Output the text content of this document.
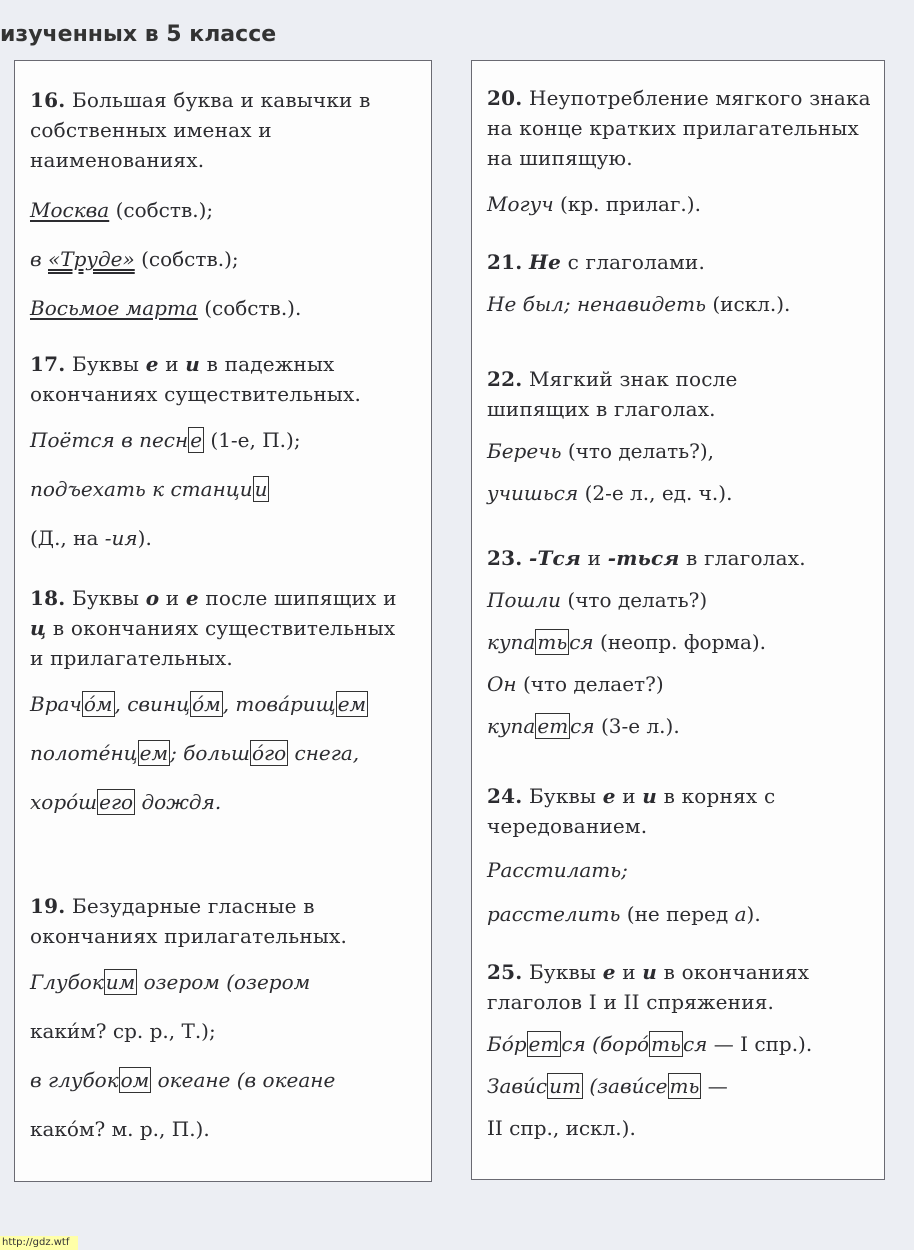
изученных в 5 классе
16. Большая буква и кавычки в собственных именах и наименованиях.
Москва (собств.);
в «Труде» (собств.);
Восьмое марта (собств.).
17. Буквы е и и в падежных окончаниях существительных.
Поётся в песн е (1-е, П.);
подъехать к станци и
(Д., на -ия).
18. Буквы о и е после шипящих и ц в окончаниях существительных и прилагательных.
Врач о́м , свинц о́м , това́рищ ем
полоте́нц ем ; больш о́го снега,
хоро́ш его дождя.
19. Безударные гласные в окончаниях прилагательных.
Глубок им озером (озером
каки́м? ср. р., Т.);
в глубок ом океане (в океане
како́м? м. р., П.).
20. Неупотребление мягкого знака на конце кратких прилагательных на шипящую.
Могуч (кр. прилаг.).
21. Не с глаголами.
Не был; ненавидеть (искл.).
22. Мягкий знак после шипящих в глаголах.
Беречь (что делать?),
учишься (2-е л., ед. ч.).
23. -Тся и -ться в глаголах.
Пошли (что делать?)
купа ть ся (неопр. форма).
Он (что делает?)
купа ет ся (3-е л.).
24. Буквы е и и в корнях с чередованием.
Расстилать;
расстелить (не перед а).
25. Буквы е и и в окончаниях глаголов I и II спряжения.
Бо́р ет ся (боро́ ть ся — I спр.).
Зави́с ит (зави́се ть —
II спр., искл.).
http://gdz.wtf
